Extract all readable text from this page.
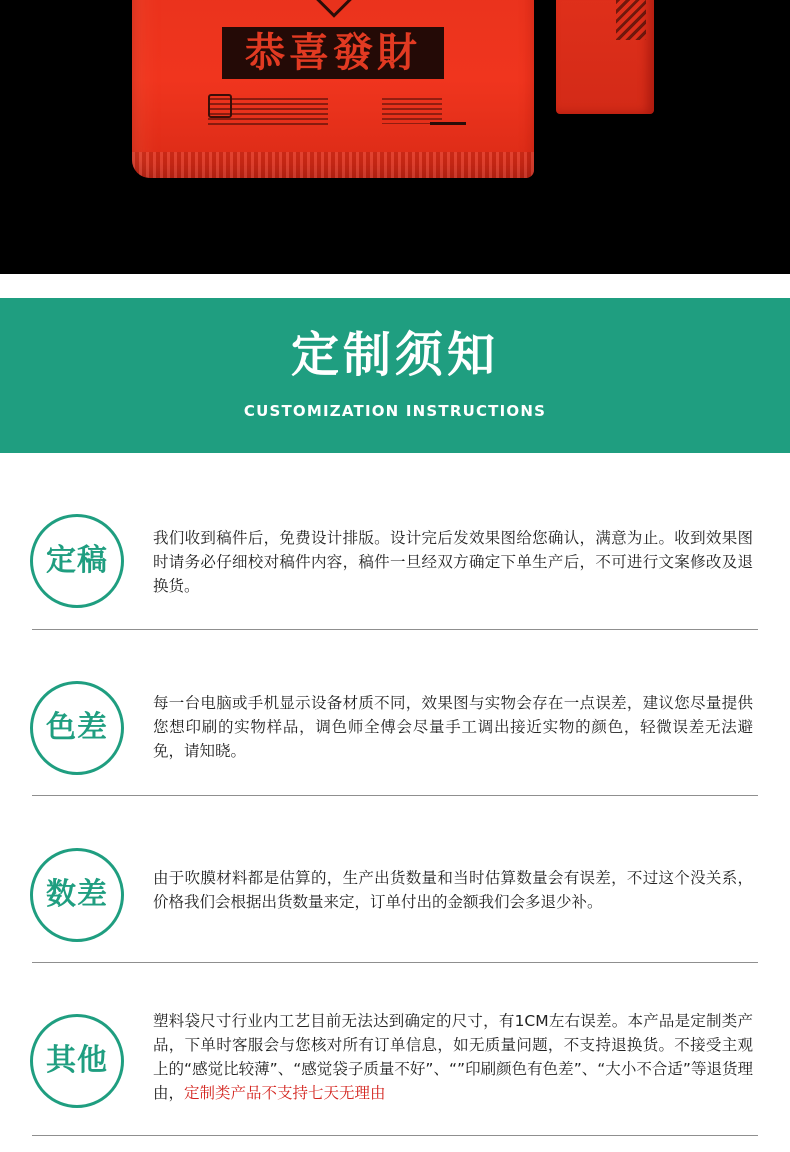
恭喜發財
定制须知
CUSTOMIZATION INSTRUCTIONS
定稿
我们收到稿件后，免费设计排版。设计完后发效果图给您确认，满意为止。收到效果图时请务必仔细校对稿件内容，稿件一旦经双方确定下单生产后，不可进行文案修改及退换货。
色差
每一台电脑或手机显示设备材质不同，效果图与实物会存在一点误差，建议您尽量提供您想印刷的实物样品，调色师全傅会尽量手工调出接近实物的颜色，轻微误差无法避免，请知晓。
数差	由于吹膜材料都是估算的，生产出货数量和当时估算数量会有误差，不过这个没关系，价格我们会根据出货数量来定，订单付出的金额我们会多退少补。
其他
塑料袋尺寸行业内工艺目前无法达到确定的尺寸，有1CM左右误差。本产品是定制类产品，下单时客服会与您核对所有订单信息，如无质量问题，不支持退换货。不接受主观上的“感觉比较薄”、“感觉袋子质量不好”、“”印刷颜色有色差”、“大小不合适”等退货理由，定制类产品不支持七天无理由
